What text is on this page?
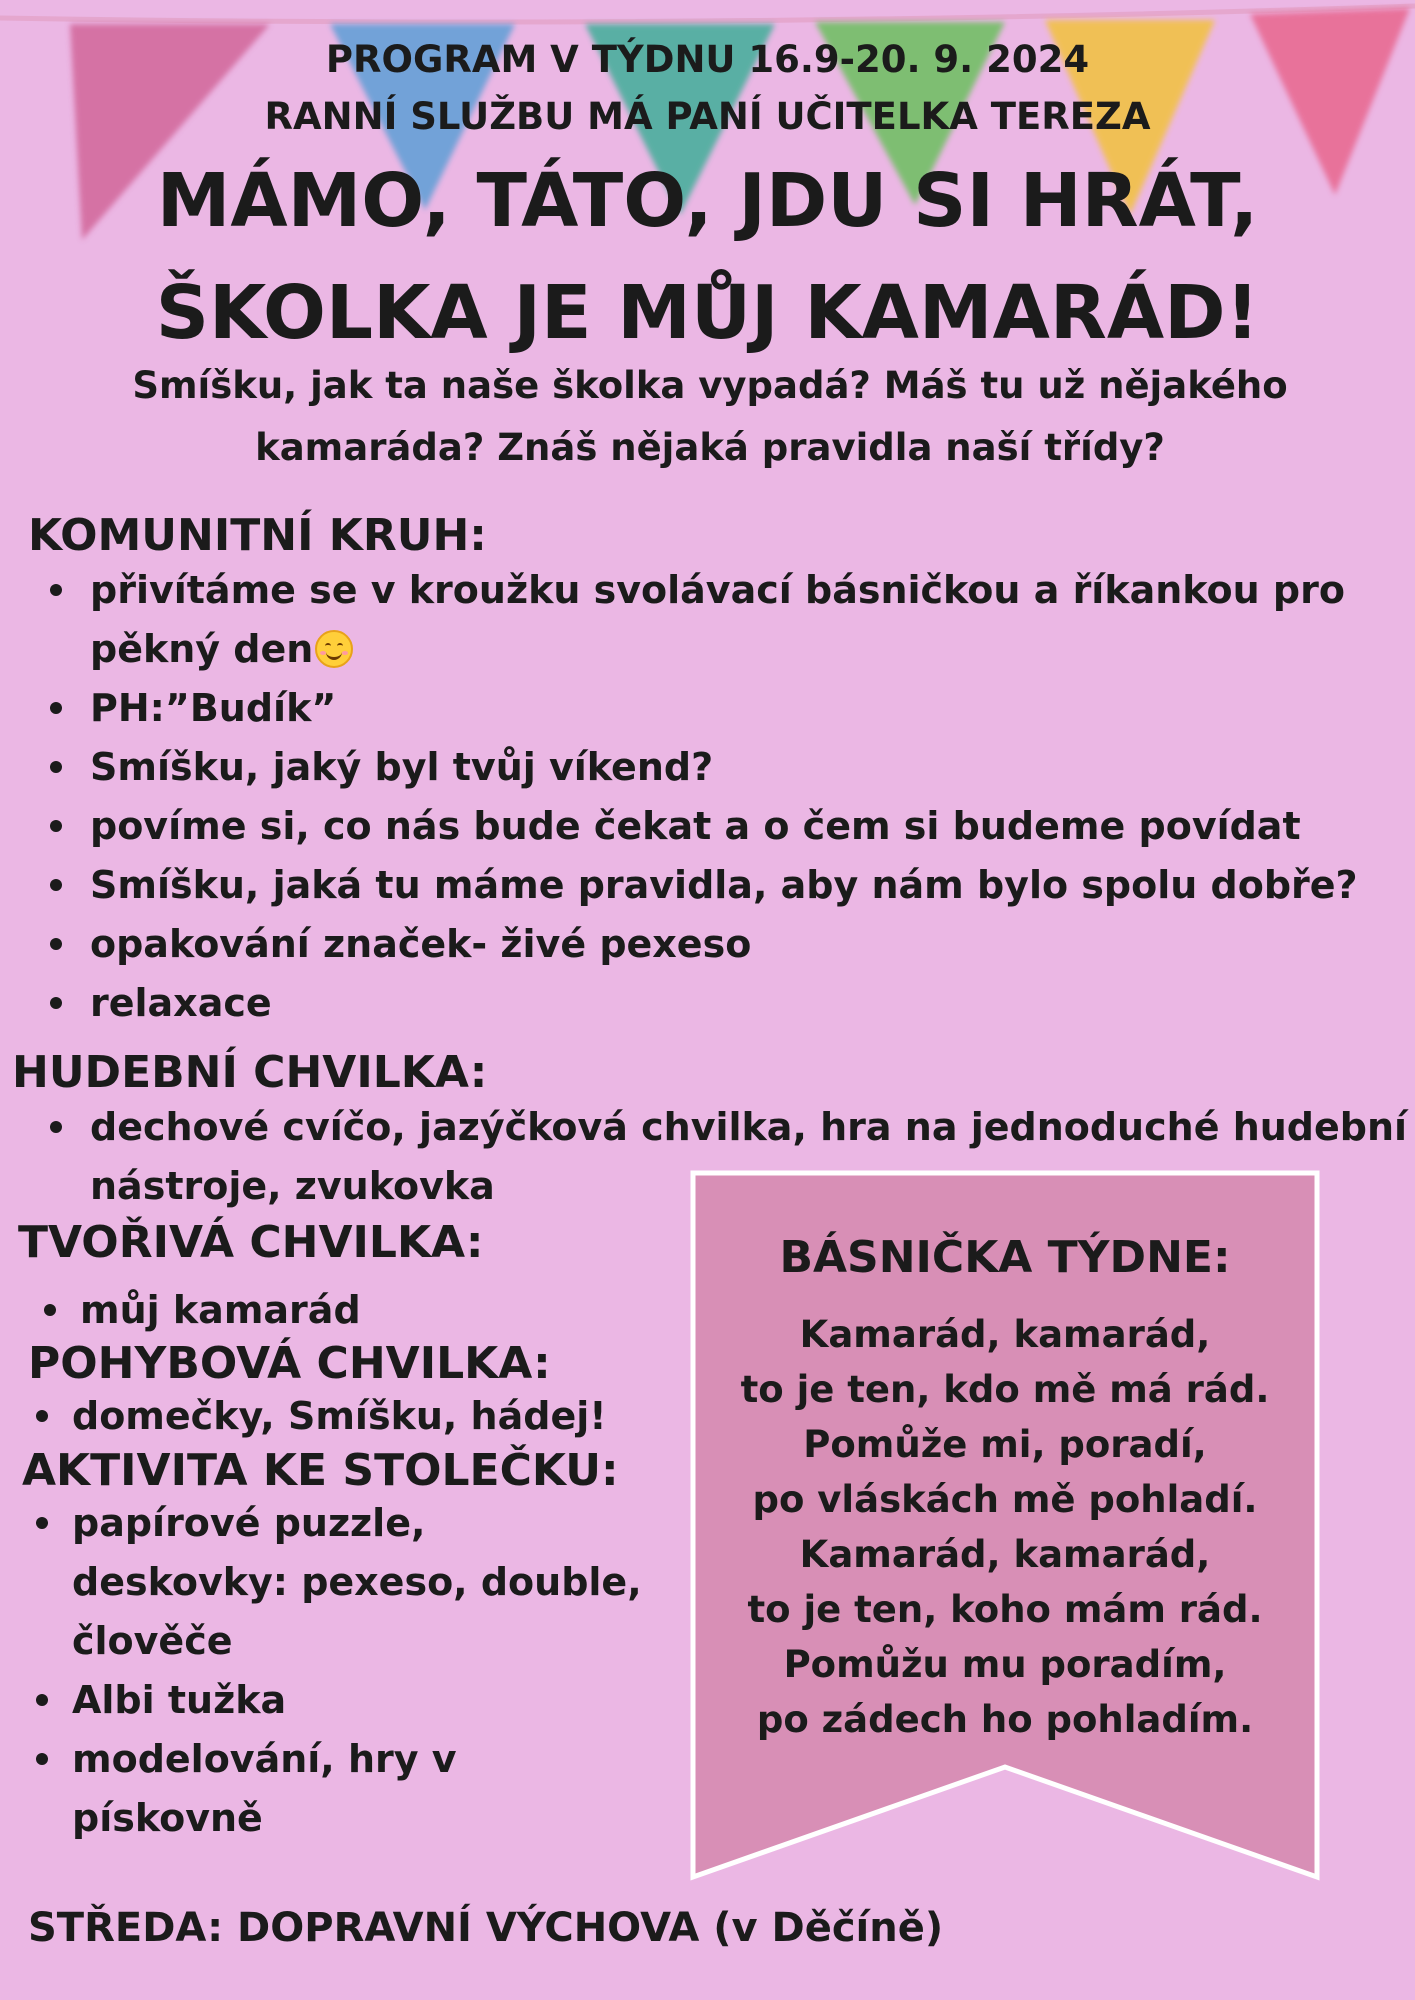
PROGRAM V TÝDNU 16.9-20. 9. 2024

RANNÍ SLUŽBU MÁ PANÍ UČITELKA TEREZA

MÁMO, TÁTO, JDU SI HRÁT,
ŠKOLKA JE MŮJ KAMARÁD!
Smíšku, jak ta naše školka vypadá? Máš tu už nějakého
kamaráda? Znáš nějaká pravidla naší třídy?

KOMUNITNÍ KRUH:

přivítáme se v kroužku svolávací básničkou a říkankou pro
pěkný den
PH:”Budík”
Smíšku, jaký byl tvůj víkend?
povíme si, co nás bude čekat a o čem si budeme povídat
Smíšku, jaká tu máme pravidla, aby nám bylo spolu dobře?
opakování značek- živé pexeso
relaxace

HUDEBNÍ CHVILKA:

dechové cvíčo, jazýčková chvilka, hra na jednoduché hudební
nástroje, zvukovka

TVOŘIVÁ CHVILKA:

můj kamarád

POHYBOVÁ CHVILKA:

domečky, Smíšku, hádej!

AKTIVITA KE STOLEČKU:

papírové puzzle,
deskovky: pexeso, double,
člověče
Albi tužka
modelování, hry v
pískovně

BÁSNIČKA TÝDNE:

Kamarád, kamarád,

to je ten, kdo mě má rád.

Pomůže mi, poradí,

po vláskách mě pohladí.

Kamarád, kamarád,

to je ten, koho mám rád.

Pomůžu mu poradím,

po zádech ho pohladím.

STŘEDA: DOPRAVNÍ VÝCHOVA (v Děčíně)
